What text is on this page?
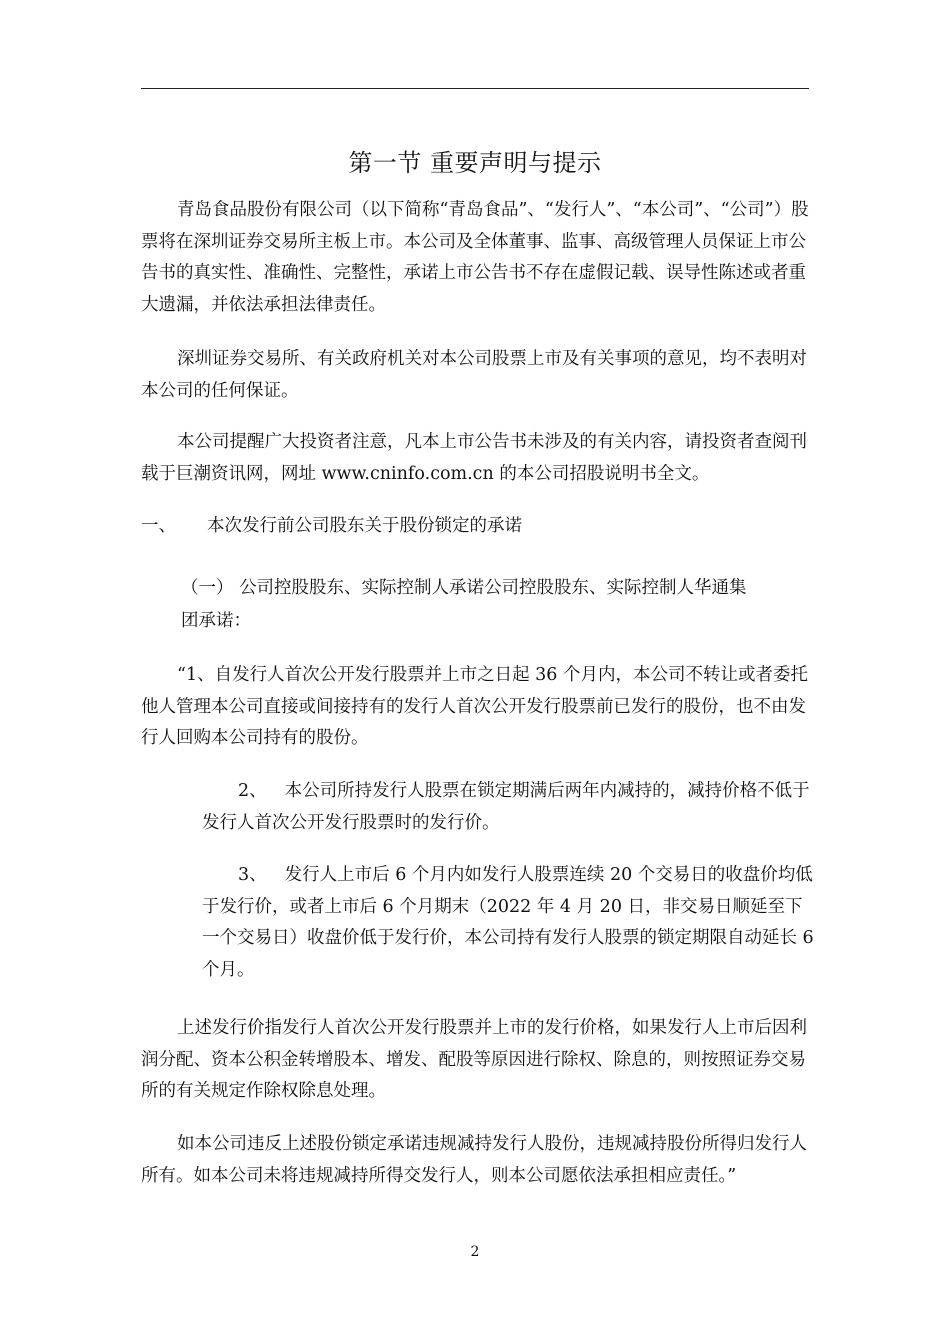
第一节 重要声明与提示

青岛食品股份有限公司（以下简称“青岛食品”、“发行人”、“本公司”、“公司”）股票将在深圳证券交易所主板上市。本公司及全体董事、监事、高级管理人员保证上市公告书的真实性、准确性、完整性，承诺上市公告书不存在虚假记载、误导性陈述或者重大遗漏，并依法承担法律责任。

深圳证券交易所、有关政府机关对本公司股票上市及有关事项的意见，均不表明对本公司的任何保证。

本公司提醒广大投资者注意，凡本上市公告书未涉及的有关内容，请投资者查阅刊载于巨潮资讯网，网址 www.cninfo.com.cn 的本公司招股说明书全文。

一、 本次发行前公司股东关于股份锁定的承诺
（一） 公司控股股东、实际控制人承诺公司控股股东、实际控制人华通集
团承诺：

“1、自发行人首次公开发行股票并上市之日起 36 个月内，本公司不转让或者委托他人管理本公司直接或间接持有的发行人首次公开发行股票前已发行的股份，也不由发行人回购本公司持有的股份。

2、 本公司所持发行人股票在锁定期满后两年内减持的，减持价格不低于发行人首次公开发行股票时的发行价。
3、 发行人上市后 6 个月内如发行人股票连续 20 个交易日的收盘价均低于发行价，或者上市后 6 个月期末（2022 年 4 月 20 日，非交易日顺延至下一个交易日）收盘价低于发行价，本公司持有发行人股票的锁定期限自动延长 6 个月。

上述发行价指发行人首次公开发行股票并上市的发行价格，如果发行人上市后因利润分配、资本公积金转增股本、增发、配股等原因进行除权、除息的，则按照证券交易所的有关规定作除权除息处理。

如本公司违反上述股份锁定承诺违规减持发行人股份，违规减持股份所得归发行人所有。如本公司未将违规减持所得交发行人，则本公司愿依法承担相应责任。”

2
